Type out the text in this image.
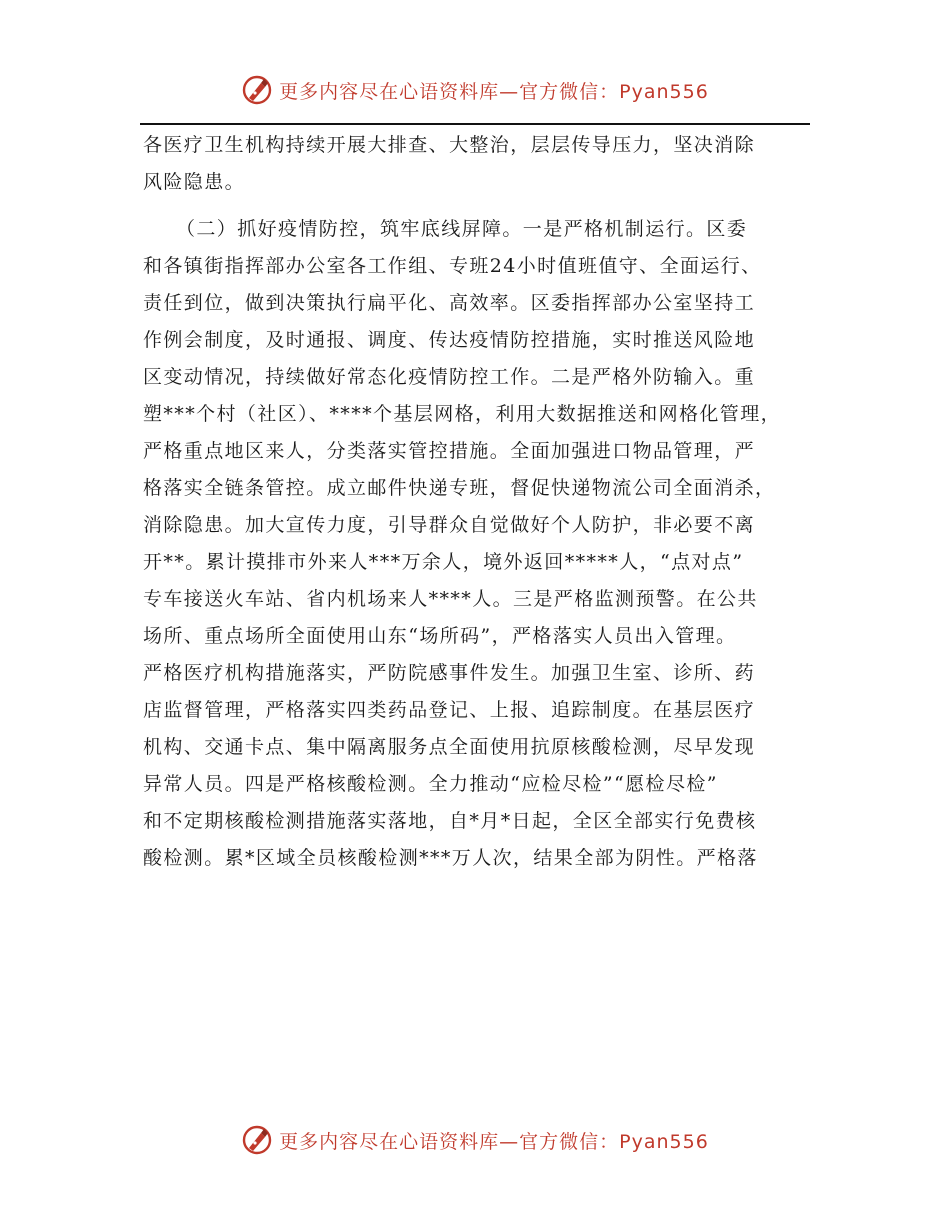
更多内容尽在心语资料库—官方微信：Pyan556
各医疗卫生机构持续开展大排查、大整治，层层传导压力，坚决消除
风险隐患。
（二）抓好疫情防控，筑牢底线屏障。一是严格机制运行。区委
和各镇街指挥部办公室各工作组、专班24小时值班值守、全面运行、
责任到位，做到决策执行扁平化、高效率。区委指挥部办公室坚持工
作例会制度，及时通报、调度、传达疫情防控措施，实时推送风险地
区变动情况，持续做好常态化疫情防控工作。二是严格外防输入。重
塑***个村（社区）、****个基层网格，利用大数据推送和网格化管理，
严格重点地区来人，分类落实管控措施。全面加强进口物品管理，严
格落实全链条管控。成立邮件快递专班，督促快递物流公司全面消杀，
消除隐患。加大宣传力度，引导群众自觉做好个人防护，非必要不离
开**。累计摸排市外来人***万余人，境外返回*****人，“点对点”
专车接送火车站、省内机场来人****人。三是严格监测预警。在公共
场所、重点场所全面使用山东“场所码”，严格落实人员出入管理。
严格医疗机构措施落实，严防院感事件发生。加强卫生室、诊所、药
店监督管理，严格落实四类药品登记、上报、追踪制度。在基层医疗
机构、交通卡点、集中隔离服务点全面使用抗原核酸检测，尽早发现
异常人员。四是严格核酸检测。全力推动“应检尽检”“愿检尽检”
和不定期核酸检测措施落实落地，自*月*日起，全区全部实行免费核
酸检测。累*区域全员核酸检测***万人次，结果全部为阴性。严格落
更多内容尽在心语资料库—官方微信：Pyan556
